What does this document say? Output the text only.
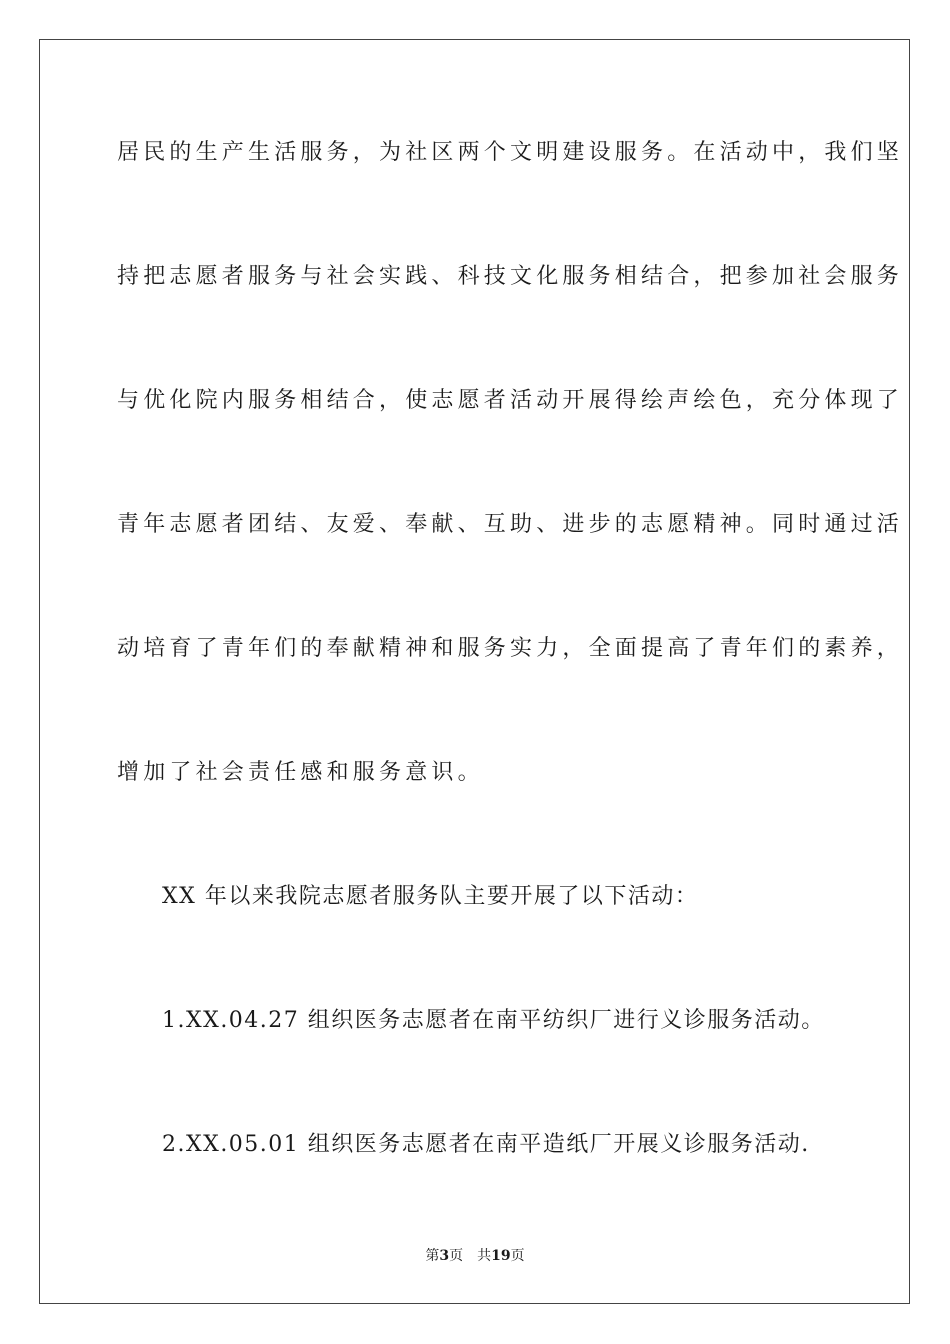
居民的生产生活服务，为社区两个文明建设服务。在活动中，我们坚
持把志愿者服务与社会实践、科技文化服务相结合，把参加社会服务
与优化院内服务相结合，使志愿者活动开展得绘声绘色，充分体现了
青年志愿者团结、友爱、奉献、互助、进步的志愿精神。同时通过活
动培育了青年们的奉献精神和服务实力，全面提高了青年们的素养，
增加了社会责任感和服务意识。
XX 年以来我院志愿者服务队主要开展了以下活动：
1.XX.04.27 组织医务志愿者在南平纺织厂进行义诊服务活动。
2.XX.05.01 组织医务志愿者在南平造纸厂开展义诊服务活动.
第3页 共19页
